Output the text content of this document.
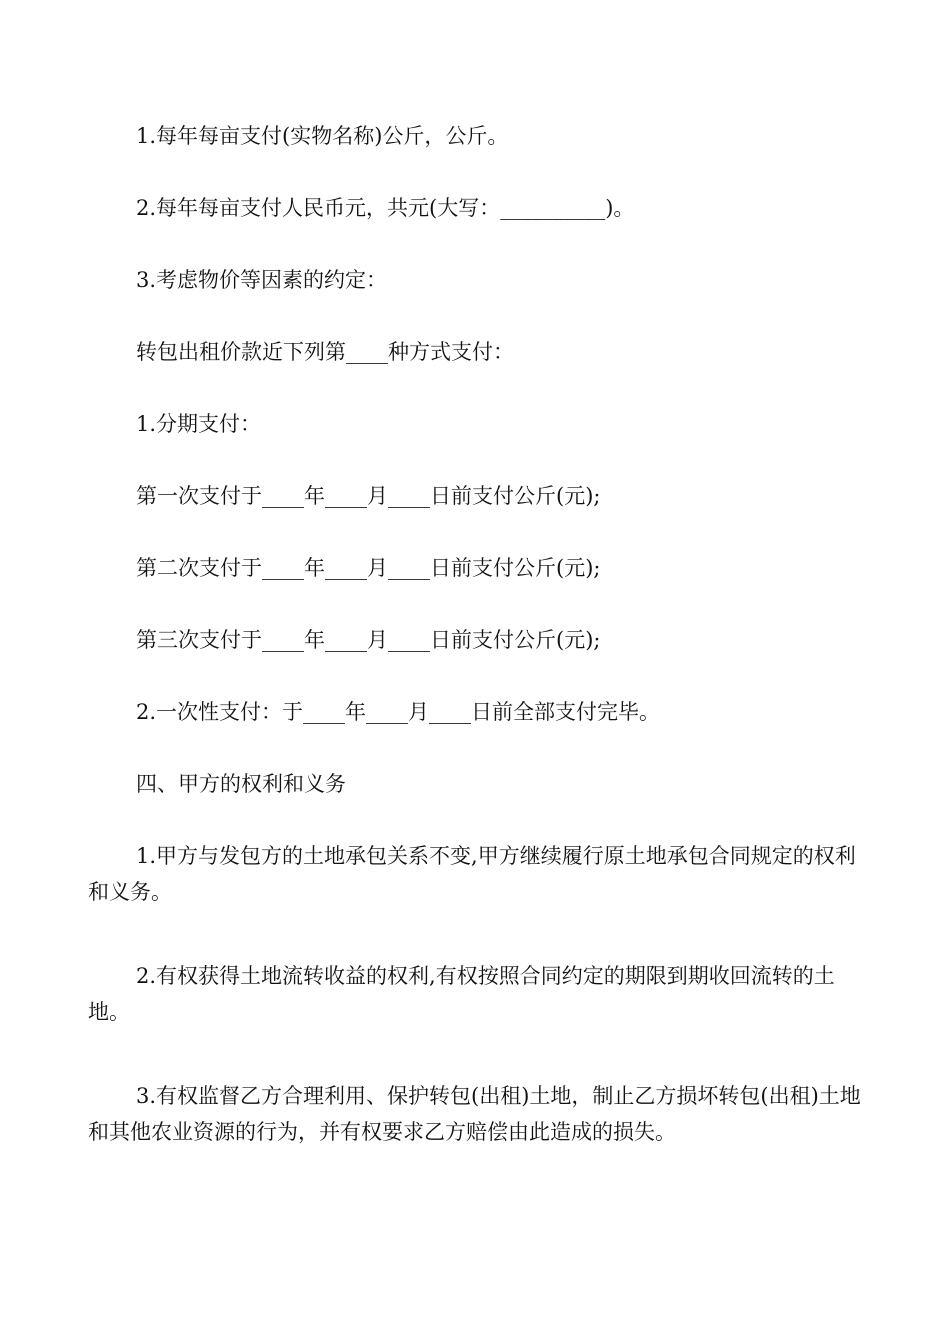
1.每年每亩支付(实物名称)公斤，公斤。

2.每年每亩支付人民币元，共元(大写：__________)。

3.考虑物价等因素的约定：

转包出租价款近下列第____种方式支付：

1.分期支付：

第一次支付于____年____月____日前支付公斤(元);

第二次支付于____年____月____日前支付公斤(元);

第三次支付于____年____月____日前支付公斤(元);

2.一次性支付：于____年____月____日前全部支付完毕。

四、甲方的权利和义务

1.甲方与发包方的土地承包关系不变,甲方继续履行原土地承包合同规定的权利和义务。

2.有权获得土地流转收益的权利,有权按照合同约定的期限到期收回流转的土地。

3.有权监督乙方合理利用、保护转包(出租)土地，制止乙方损坏转包(出租)土地和其他农业资源的行为，并有权要求乙方赔偿由此造成的损失。
